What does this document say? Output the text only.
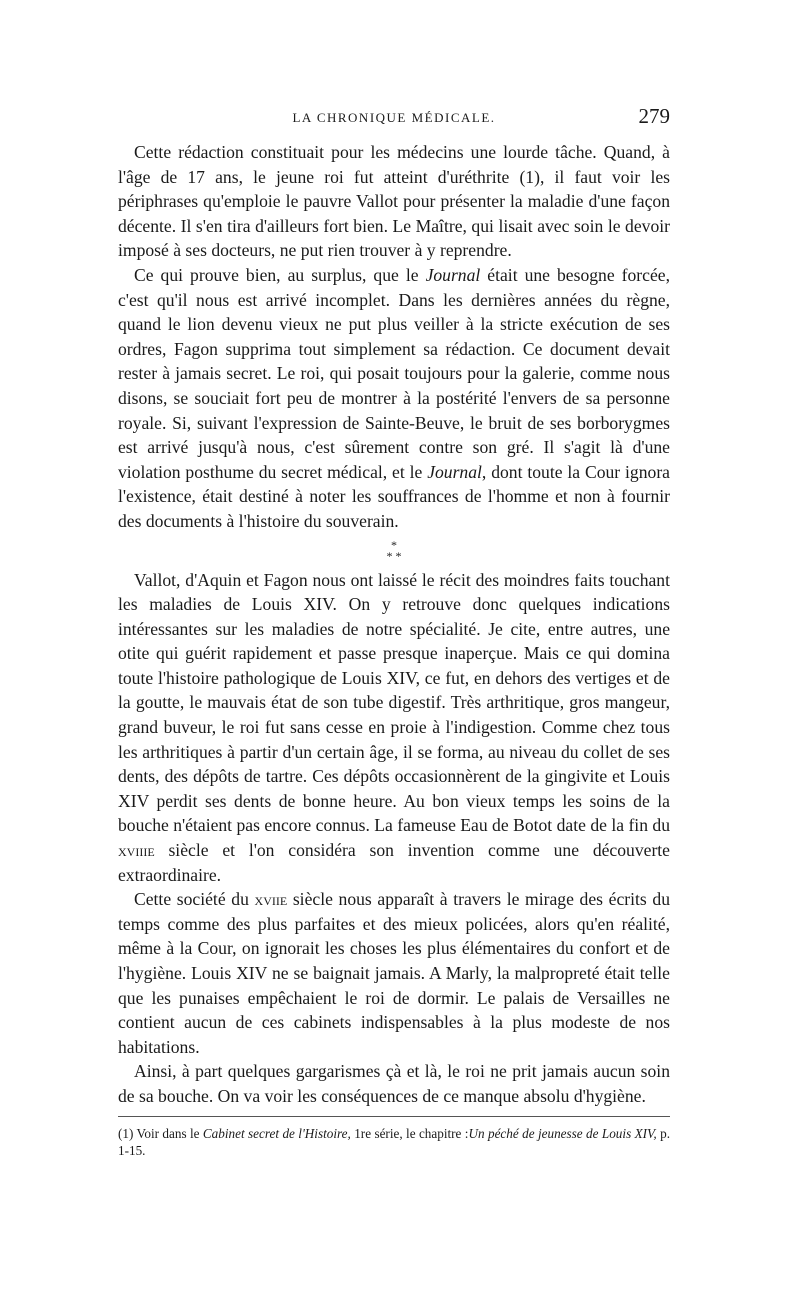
LA CHRONIQUE MÉDICALE.	279

Cette rédaction constituait pour les médecins une lourde tâche. Quand, à l'âge de 17 ans, le jeune roi fut atteint d'uréthrite (1), il faut voir les périphrases qu'emploie le pauvre Vallot pour présenter la maladie d'une façon décente. Il s'en tira d'ailleurs fort bien. Le Maître, qui lisait avec soin le devoir imposé à ses docteurs, ne put rien trouver à y reprendre.

Ce qui prouve bien, au surplus, que le Journal était une besogne forcée, c'est qu'il nous est arrivé incomplet. Dans les dernières années du règne, quand le lion devenu vieux ne put plus veiller à la stricte exécution de ses ordres, Fagon supprima tout simplement sa rédaction. Ce document devait rester à jamais secret. Le roi, qui posait toujours pour la galerie, comme nous disons, se souciait fort peu de montrer à la postérité l'envers de sa personne royale. Si, suivant l'expression de Sainte-Beuve, le bruit de ses borborygmes est arrivé jusqu'à nous, c'est sûrement contre son gré. Il s'agit là d'une violation posthume du secret médical, et le Journal, dont toute la Cour ignora l'existence, était destiné à noter les souffrances de l'homme et non à fournir des documents à l'histoire du souverain.

*
* *

Vallot, d'Aquin et Fagon nous ont laissé le récit des moindres faits touchant les maladies de Louis XIV. On y retrouve donc quelques indications intéressantes sur les maladies de notre spécialité. Je cite, entre autres, une otite qui guérit rapidement et passe presque inaperçue. Mais ce qui domina toute l'histoire pathologique de Louis XIV, ce fut, en dehors des vertiges et de la goutte, le mauvais état de son tube digestif. Très arthritique, gros mangeur, grand buveur, le roi fut sans cesse en proie à l'indigestion. Comme chez tous les arthritiques à partir d'un certain âge, il se forma, au niveau du collet de ses dents, des dépôts de tartre. Ces dépôts occasionnèrent de la gingivite et Louis XIV perdit ses dents de bonne heure. Au bon vieux temps les soins de la bouche n'étaient pas encore connus. La fameuse Eau de Botot date de la fin du xviiie siècle et l'on considéra son invention comme une découverte extraordinaire.

Cette société du xviie siècle nous apparaît à travers le mirage des écrits du temps comme des plus parfaites et des mieux policées, alors qu'en réalité, même à la Cour, on ignorait les choses les plus élémentaires du confort et de l'hygiène. Louis XIV ne se baignait jamais. A Marly, la malpropreté était telle que les punaises empêchaient le roi de dormir. Le palais de Versailles ne contient aucun de ces cabinets indispensables à la plus modeste de nos habitations.

Ainsi, à part quelques gargarismes çà et là, le roi ne prit jamais aucun soin de sa bouche. On va voir les conséquences de ce manque absolu d'hygiène.

(1) Voir dans le Cabinet secret de l'Histoire, 1re série, le chapitre :Un péché de jeunesse de Louis XIV, p. 1-15.
